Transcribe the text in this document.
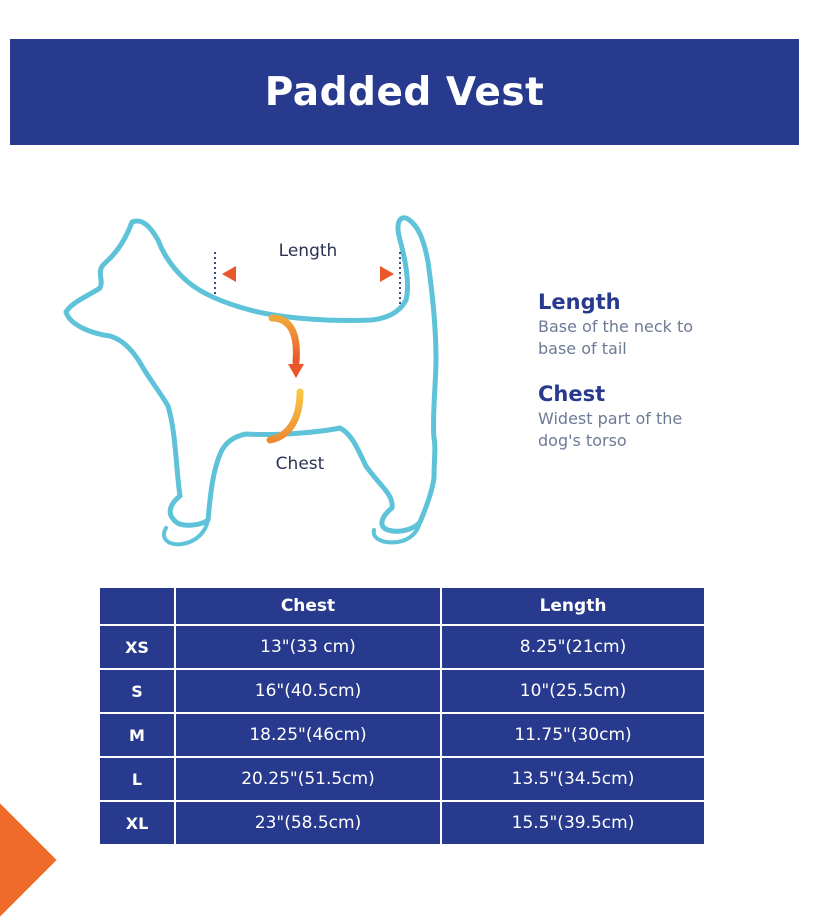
Padded Vest
Length
Chest

Length

Base of the neck to base of tail

Chest

Widest part of the dog's torso

	Chest	Length
XS	13"(33 cm)	8.25"(21cm)
S	16"(40.5cm)	10"(25.5cm)
M	18.25"(46cm)	11.75"(30cm)
L	20.25"(51.5cm)	13.5"(34.5cm)
XL	23"(58.5cm)	15.5"(39.5cm)
